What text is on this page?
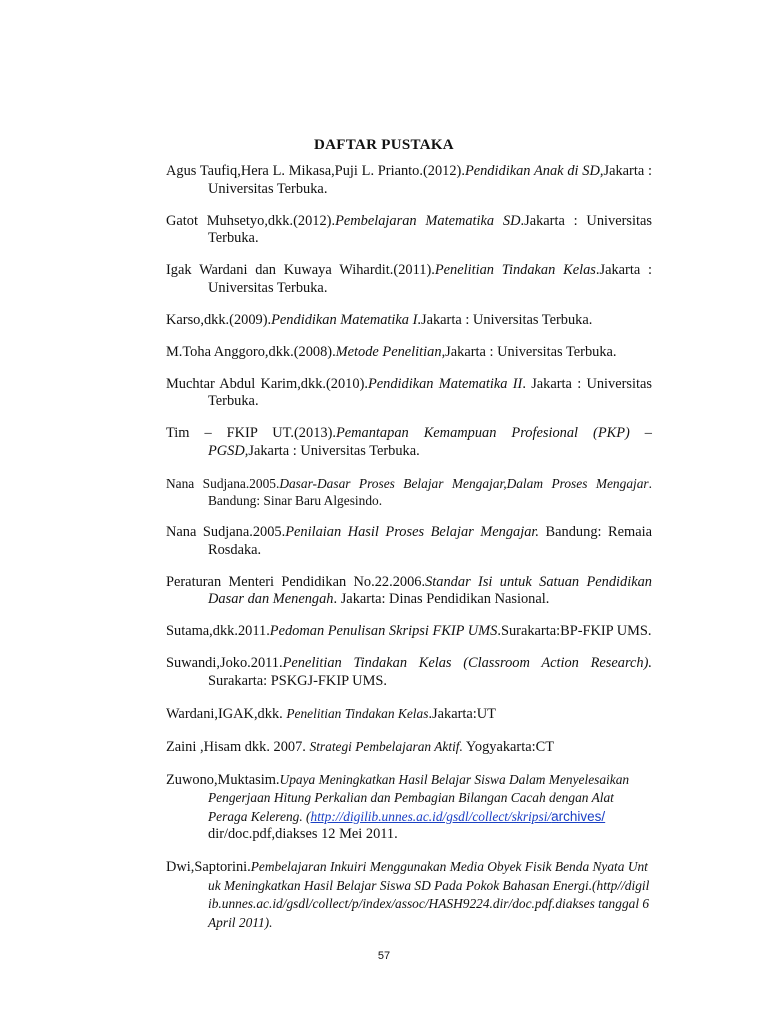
DAFTAR PUSTAKA
Agus Taufiq,Hera L. Mikasa,Puji L. Prianto.(2012).Pendidikan Anak di SD,Jakarta : Universitas Terbuka.
Gatot Muhsetyo,dkk.(2012).Pembelajaran Matematika SD.Jakarta : Universitas Terbuka.
Igak Wardani dan Kuwaya Wihardit.(2011).Penelitian Tindakan Kelas.Jakarta : Universitas Terbuka.
Karso,dkk.(2009).Pendidikan Matematika I.Jakarta : Universitas Terbuka.
M.Toha Anggoro,dkk.(2008).Metode Penelitian,Jakarta : Universitas Terbuka.
Muchtar Abdul Karim,dkk.(2010).Pendidikan Matematika II. Jakarta : Universitas Terbuka.
Tim – FKIP UT.(2013).Pemantapan Kemampuan Profesional (PKP) – PGSD,Jakarta : Universitas Terbuka.
Nana Sudjana.2005.Dasar-Dasar Proses Belajar Mengajar,Dalam Proses Mengajar. Bandung: Sinar Baru Algesindo.
Nana Sudjana.2005.Penilaian Hasil Proses Belajar Mengajar. Bandung: Remaia Rosdaka.
Peraturan Menteri Pendidikan No.22.2006.Standar Isi untuk Satuan Pendidikan Dasar dan Menengah. Jakarta: Dinas Pendidikan Nasional.
Sutama,dkk.2011.Pedoman Penulisan Skripsi FKIP UMS.Surakarta:BP-FKIP UMS.
Suwandi,Joko.2011.Penelitian Tindakan Kelas (Classroom Action Research). Surakarta: PSKGJ-FKIP UMS.
Wardani,IGAK,dkk. Penelitian Tindakan Kelas.Jakarta:UT
Zaini ,Hisam dkk. 2007. Strategi Pembelajaran Aktif. Yogyakarta:CT
Zuwono,Muktasim.Upaya Meningkatkan Hasil Belajar Siswa Dalam Menyelesaikan Pengerjaan Hitung Perkalian dan Pembagian Bilangan Cacah dengan Alat Peraga Kelereng. (http://digilib.unnes.ac.id/gsdl/collect/skripsi/archives/ dir/doc.pdf,diakses 12 Mei 2011.
Dwi,Saptorini.Pembelajaran Inkuiri Menggunakan Media Obyek Fisik Benda Nyata Untuk Meningkatkan Hasil Belajar Siswa SD Pada Pokok Bahasan Energi.(http//digilib.unnes.ac.id/gsdl/collect/p/index/assoc/HASH9224.dir/doc.pdf.diakses tanggal 6 April 2011).
57
